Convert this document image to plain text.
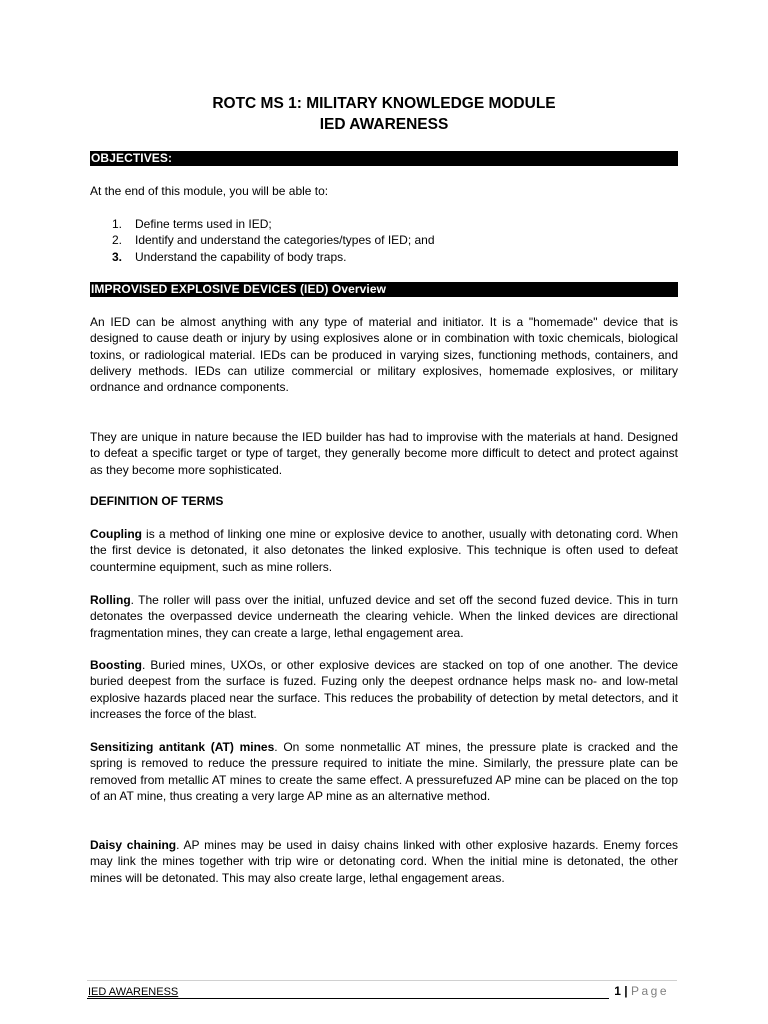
ROTC MS 1: MILITARY KNOWLEDGE MODULE
IED AWARENESS
OBJECTIVES:

At the end of this module, you will be able to:

1. Define terms used in IED;
2. Identify and understand the categories/types of IED; and
3. Understand the capability of body traps.
IMPROVISED EXPLOSIVE DEVICES (IED) Overview

An IED can be almost anything with any type of material and initiator. It is a "homemade" device that is designed to cause death or injury by using explosives alone or in combination with toxic chemicals, biological toxins, or radiological material. IEDs can be produced in varying sizes, functioning methods, containers, and delivery methods. IEDs can utilize commercial or military explosives, homemade explosives, or military ordnance and ordnance components.

They are unique in nature because the IED builder has had to improvise with the materials at hand. Designed to defeat a specific target or type of target, they generally become more difficult to detect and protect against as they become more sophisticated.

DEFINITION OF TERMS

Coupling is a method of linking one mine or explosive device to another, usually with detonating cord. When the first device is detonated, it also detonates the linked explosive. This technique is often used to defeat countermine equipment, such as mine rollers.

Rolling. The roller will pass over the initial, unfuzed device and set off the second fuzed device. This in turn detonates the overpassed device underneath the clearing vehicle. When the linked devices are directional fragmentation mines, they can create a large, lethal engagement area.

Boosting. Buried mines, UXOs, or other explosive devices are stacked on top of one another. The device buried deepest from the surface is fuzed. Fuzing only the deepest ordnance helps mask no- and low-metal explosive hazards placed near the surface. This reduces the probability of detection by metal detectors, and it increases the force of the blast.

Sensitizing antitank (AT) mines. On some nonmetallic AT mines, the pressure plate is cracked and the spring is removed to reduce the pressure required to initiate the mine. Similarly, the pressure plate can be removed from metallic AT mines to create the same effect. A pressurefuzed AP mine can be placed on the top of an AT mine, thus creating a very large AP mine as an alternative method.

Daisy chaining. AP mines may be used in daisy chains linked with other explosive hazards. Enemy forces may link the mines together with trip wire or detonating cord. When the initial mine is detonated, the other mines will be detonated. This may also create large, lethal engagement areas.

IED AWARENESS	1 | Page
